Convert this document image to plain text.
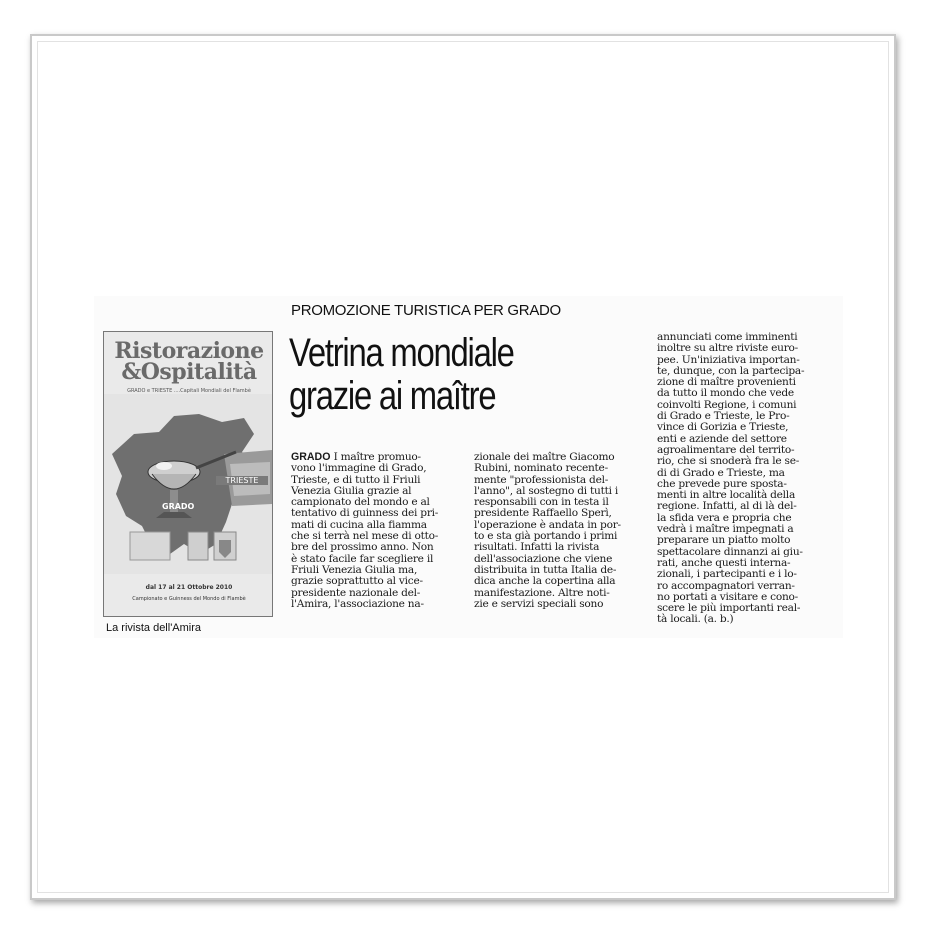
Ristorazione
&Ospitalità
GRADO e TRIESTE ....Capitali Mondiali del Flambè
GRADO
TRIESTE
dal 17 al 21 Ottobre 2010
Campionato e Guinness del Mondo di Flambè
La rivista dell'Amira
PROMOZIONE TURISTICA PER GRADO
Vetrina mondiale
grazie ai maître
GRADO I maître promuo-
vono l'immagine di Grado,
Trieste, e di tutto il Friuli
Venezia Giulia grazie al
campionato del mondo e al
tentativo di guinness dei pri-
mati di cucina alla fiamma
che si terrà nel mese di otto-
bre del prossimo anno. Non
è stato facile far scegliere il
Friuli Venezia Giulia ma,
grazie soprattutto al vice-
presidente nazionale del-
l'Amira, l'associazione na-
zionale dei maître Giacomo
Rubini, nominato recente-
mente "professionista del-
l'anno", al sostegno di tutti i
responsabili con in testa il
presidente Raffaello Sperì,
l'operazione è andata in por-
to e sta già portando i primi
risultati. Infatti la rivista
dell'associazione che viene
distribuita in tutta Italia de-
dica anche la copertina alla
manifestazione. Altre noti-
zie e servizi speciali sono
annunciati come imminenti
inoltre su altre riviste euro-
pee. Un'iniziativa importan-
te, dunque, con la partecipa-
zione di maître provenienti
da tutto il mondo che vede
coinvolti Regione, i comuni
di Grado e Trieste, le Pro-
vince di Gorizia e Trieste,
enti e aziende del settore
agroalimentare del territo-
rio, che si snoderà fra le se-
di di Grado e Trieste, ma
che prevede pure sposta-
menti in altre località della
regione. Infatti, al di là del-
la sfida vera e propria che
vedrà i maître impegnati a
preparare un piatto molto
spettacolare dinnanzi ai giu-
rati, anche questi interna-
zionali, i partecipanti e i lo-
ro accompagnatori verran-
no portati a visitare e cono-
scere le più importanti real-
tà locali. (a. b.)
